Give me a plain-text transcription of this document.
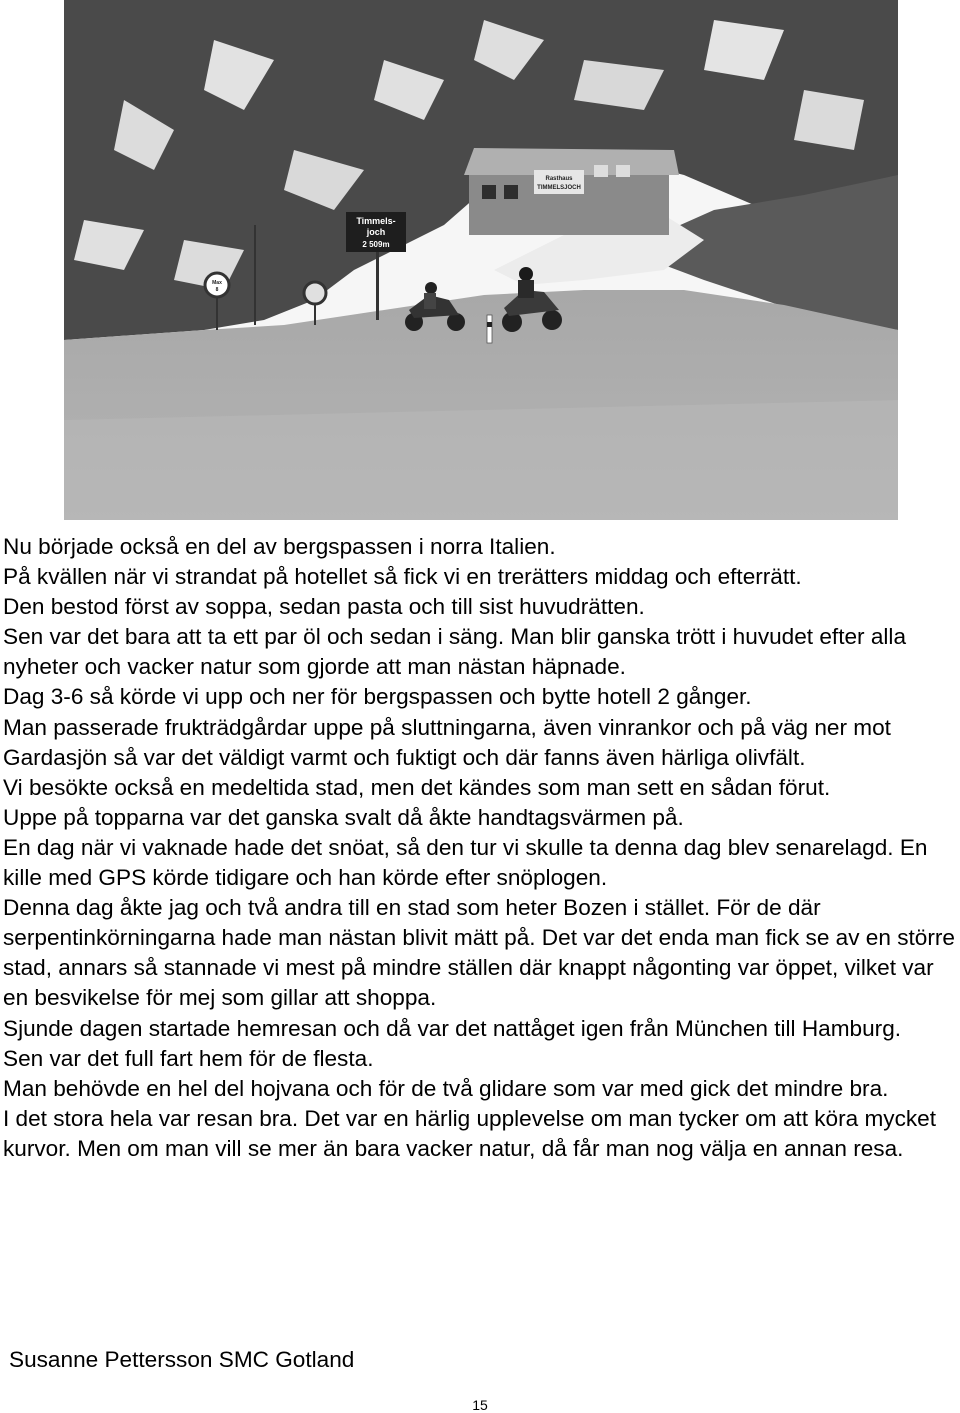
Rasthaus
TIMMELSJOCH
Timmels-
joch
2 509m
Max
8

Nu började också en del av bergspassen i norra Italien.

På kvällen när vi strandat på hotellet så fick vi en trerätters middag och efterrätt.

Den bestod först av soppa, sedan pasta och till sist huvudrätten.

Sen var det bara att ta ett par öl och sedan i säng. Man blir ganska trött i huvudet efter alla nyheter och vacker natur som gjorde att man nästan häpnade.

Dag 3-6 så körde vi upp och ner för bergspassen och bytte hotell 2 gånger.

Man passerade frukträdgårdar uppe på sluttningarna, även vinrankor och på väg ner mot Gardasjön så var det väldigt varmt och fuktigt och där fanns även härliga olivfält.

Vi besökte också en medeltida stad, men det kändes som man sett en sådan förut.

Uppe på topparna var det ganska svalt då åkte handtagsvärmen på.

En dag när vi vaknade hade det snöat, så den tur vi skulle ta denna dag blev senarelagd. En kille med GPS körde tidigare och han körde efter snöplogen.

Denna dag åkte jag och två andra till en stad som heter Bozen i stället. För de där serpentinkörningarna hade man nästan blivit mätt på. Det var det enda man fick se av en större stad, annars så stannade vi mest på mindre ställen där knappt någonting var öppet, vilket var en besvikelse för mej som gillar att shoppa.

Sjunde dagen startade hemresan och då var det nattåget igen från München till Hamburg.

Sen var det full fart hem för de flesta.

Man behövde en hel del hojvana och för de två glidare som var med gick det mindre bra.

I det stora hela var resan bra. Det var en härlig upplevelse om man tycker om att köra mycket kurvor. Men om man vill se mer än bara vacker natur, då får man nog välja en annan resa.

Susanne Pettersson SMC Gotland

15
